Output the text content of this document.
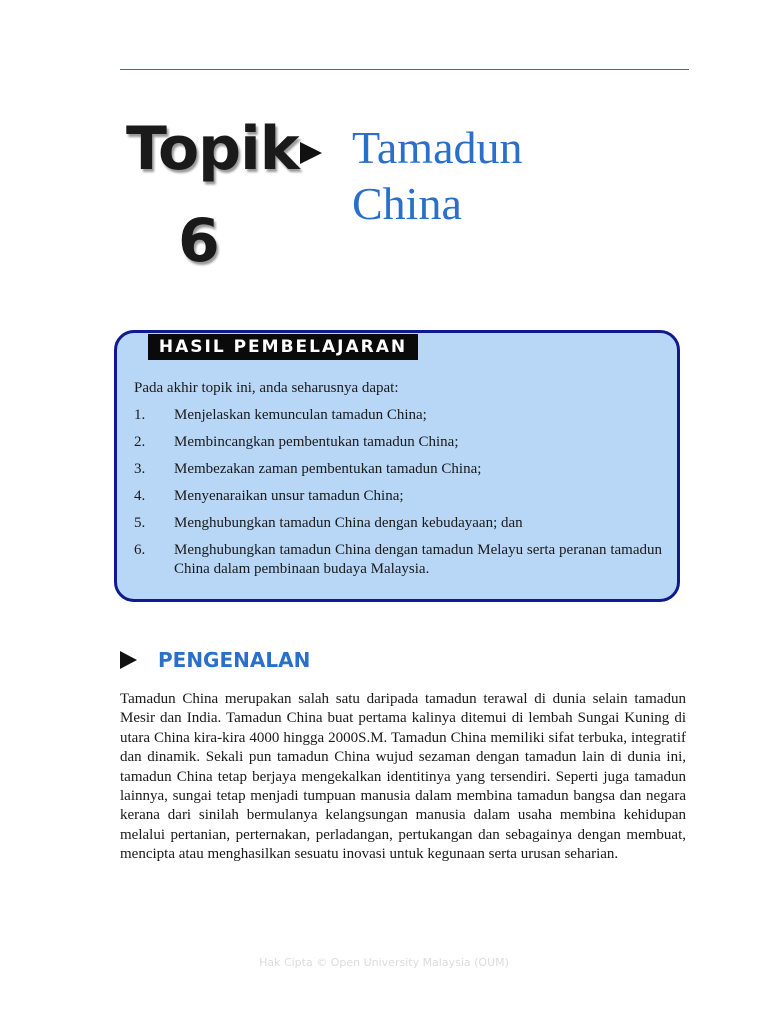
Topik
6
Tamadun
China
HASIL PEMBELAJARAN
Pada akhir topik ini, anda seharusnya dapat:
1.	Menjelaskan kemunculan tamadun China;
2.	Membincangkan pembentukan tamadun China;
3.	Membezakan zaman pembentukan tamadun China;
4.	Menyenaraikan unsur tamadun China;
5.	Menghubungkan tamadun China dengan kebudayaan; dan
6.	Menghubungkan tamadun China dengan tamadun Melayu serta peranan tamadun China dalam pembinaan budaya Malaysia.
PENGENALAN

Tamadun China merupakan salah satu daripada tamadun terawal di dunia selain tamadun Mesir dan India. Tamadun China buat pertama kalinya ditemui di lembah Sungai Kuning di utara China kira-kira 4000 hingga 2000S.M. Tamadun China memiliki sifat terbuka, integratif dan dinamik. Sekali pun tamadun China wujud sezaman dengan tamadun lain di dunia ini, tamadun China tetap berjaya mengekalkan identitinya yang tersendiri. Seperti juga tamadun lainnya, sungai tetap menjadi tumpuan manusia dalam membina tamadun bangsa dan negara kerana dari sinilah bermulanya kelangsungan manusia dalam usaha membina kehidupan melalui pertanian, perternakan, perladangan, pertukangan dan sebagainya dengan membuat, mencipta atau menghasilkan sesuatu inovasi untuk kegunaan serta urusan seharian.

Hak Cipta © Open University Malaysia (OUM)
